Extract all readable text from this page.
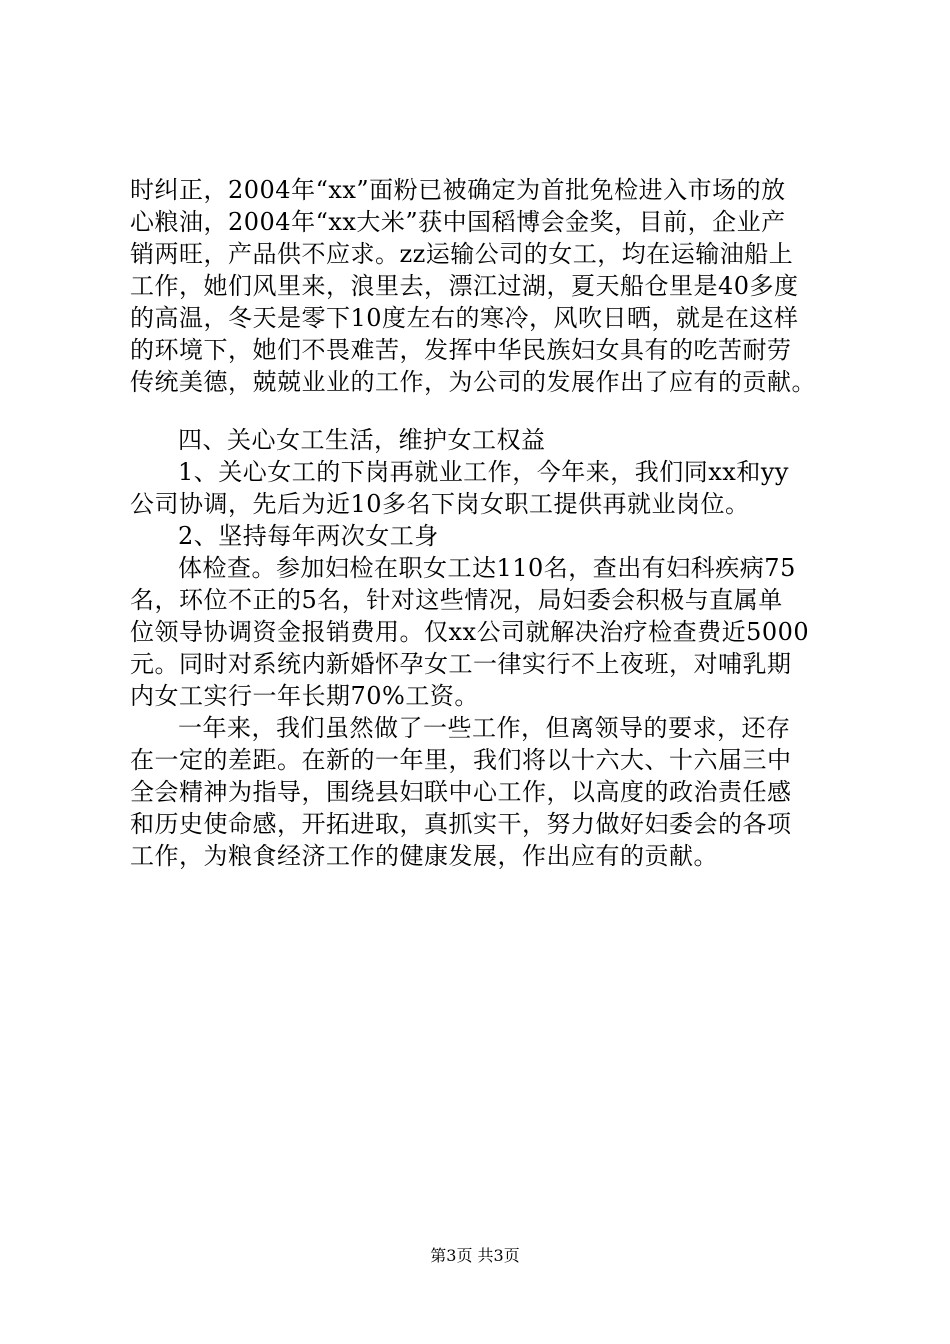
时纠正，2004年“xx”面粉已被确定为首批免检进入市场的放
心粮油，2004年“xx大米”获中国稻博会金奖，目前，企业产
销两旺，产品供不应求。zz运输公司的女工，均在运输油船上
工作，她们风里来，浪里去，漂江过湖，夏天船仓里是40多度
的高温，冬天是零下10度左右的寒冷，风吹日晒，就是在这样
的环境下，她们不畏难苦，发挥中华民族妇女具有的吃苦耐劳
传统美德，兢兢业业的工作，为公司的发展作出了应有的贡献。
四、关心女工生活，维护女工权益
1、关心女工的下岗再就业工作，今年来，我们同xx和yy
公司协调，先后为近10多名下岗女职工提供再就业岗位。
2、坚持每年两次女工身
体检查。参加妇检在职女工达110名，查出有妇科疾病75
名，环位不正的5名，针对这些情况，局妇委会积极与直属单
位领导协调资金报销费用。仅xx公司就解决治疗检查费近5000
元。同时对系统内新婚怀孕女工一律实行不上夜班，对哺乳期
内女工实行一年长期70%工资。
一年来，我们虽然做了一些工作，但离领导的要求，还存
在一定的差距。在新的一年里，我们将以十六大、十六届三中
全会精神为指导，围绕县妇联中心工作，以高度的政治责任感
和历史使命感，开拓进取，真抓实干，努力做好妇委会的各项
工作，为粮食经济工作的健康发展，作出应有的贡献。
第3页 共3页
